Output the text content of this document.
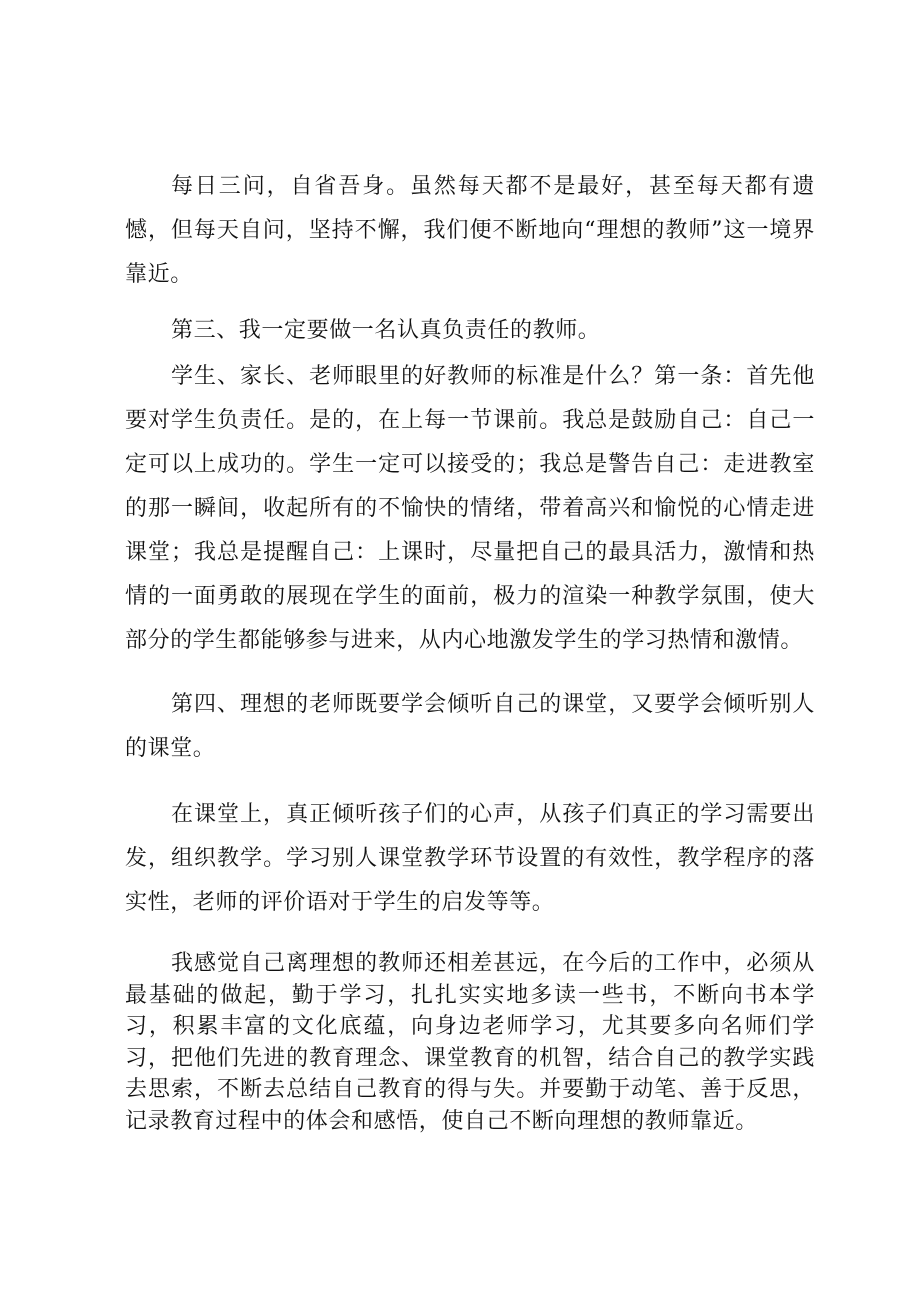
每日三问，自省吾身。虽然每天都不是最好，甚至每天都有遗憾，但每天自问，坚持不懈，我们便不断地向“理想的教师”这一境界靠近。

第三、我一定要做一名认真负责任的教师。

学生、家长、老师眼里的好教师的标准是什么？第一条：首先他要对学生负责任。是的，在上每一节课前。我总是鼓励自己：自己一定可以上成功的。学生一定可以接受的；我总是警告自己：走进教室的那一瞬间，收起所有的不愉快的情绪，带着高兴和愉悦的心情走进课堂；我总是提醒自己：上课时，尽量把自己的最具活力，激情和热情的一面勇敢的展现在学生的面前，极力的渲染一种教学氛围，使大部分的学生都能够参与进来，从内心地激发学生的学习热情和激情。

第四、理想的老师既要学会倾听自己的课堂，又要学会倾听别人的课堂。

在课堂上，真正倾听孩子们的心声，从孩子们真正的学习需要出发，组织教学。学习别人课堂教学环节设置的有效性，教学程序的落实性，老师的评价语对于学生的启发等等。

我感觉自己离理想的教师还相差甚远，在今后的工作中，必须从最基础的做起，勤于学习，扎扎实实地多读一些书，不断向书本学习，积累丰富的文化底蕴，向身边老师学习，尤其要多向名师们学习，把他们先进的教育理念、课堂教育的机智，结合自己的教学实践去思索，不断去总结自己教育的得与失。并要勤于动笔、善于反思，记录教育过程中的体会和感悟，使自己不断向理想的教师靠近。
